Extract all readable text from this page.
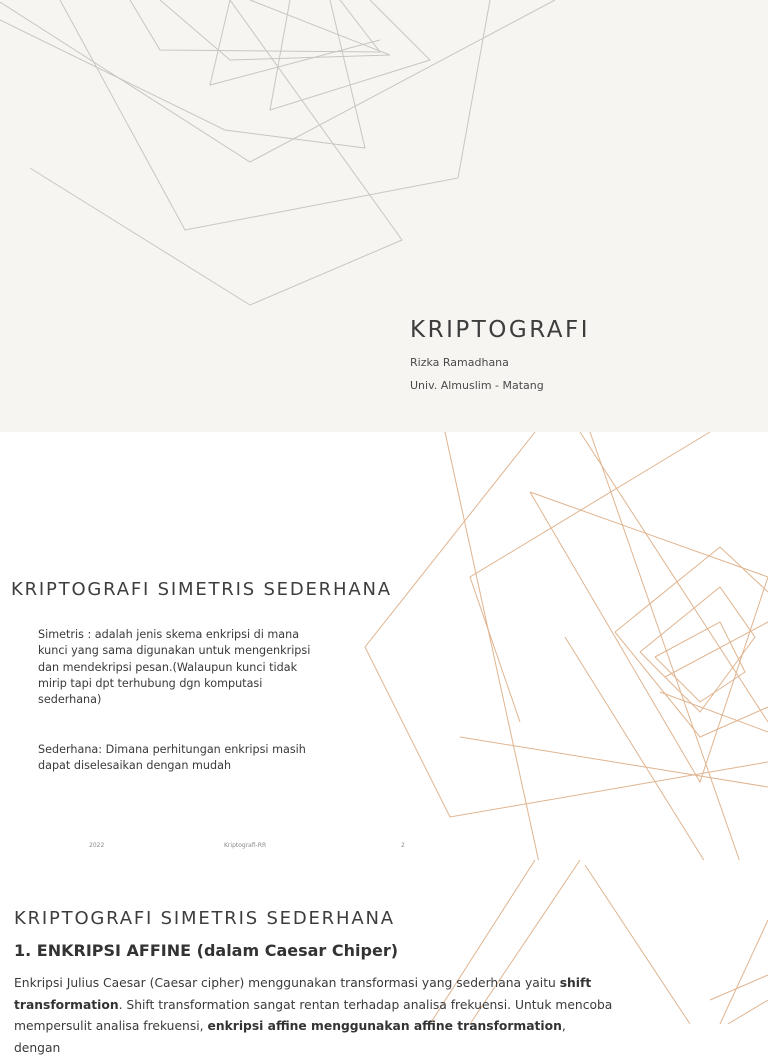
KRIPTOGRAFI

Rizka Ramadhana

Univ. Almuslim - Matang

KRIPTOGRAFI SIMETRIS SEDERHANA

Simetris : adalah jenis skema enkripsi di mana kunci yang sama digunakan untuk mengenkripsi dan mendekripsi pesan.(Walaupun kunci tidak mirip tapi dpt terhubung dgn komputasi sederhana)

Sederhana: Dimana perhitungan enkripsi masih dapat diselesaikan dengan mudah

2022	Kriptografi-RR	2
KRIPTOGRAFI SIMETRIS SEDERHANA
1. ENKRIPSI AFFINE (dalam Caesar Chiper)

Enkripsi Julius Caesar (Caesar cipher) menggunakan transformasi yang sederhana yaitu shift transformation. Shift transformation sangat rentan terhadap analisa frekuensi. Untuk mencoba mempersulit analisa frekuensi, enkripsi affine menggunakan affine transformation, dengan
